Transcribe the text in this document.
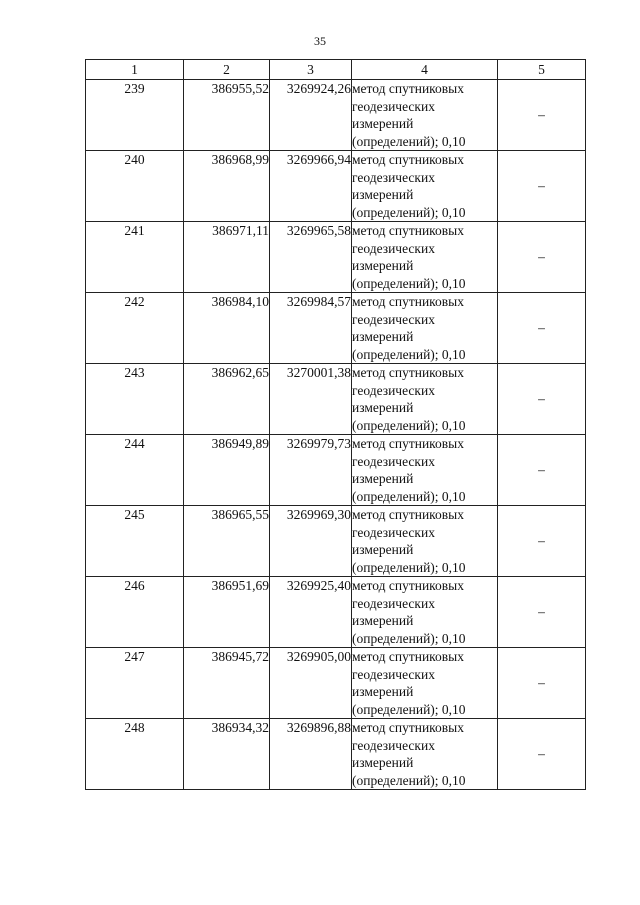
35
1	2	3	4	5
239	386955,52	3269924,26	метод спутниковых
геодезических
измерений
(определений); 0,10	–
240	386968,99	3269966,94	метод спутниковых
геодезических
измерений
(определений); 0,10	–
241	386971,11	3269965,58	метод спутниковых
геодезических
измерений
(определений); 0,10	–
242	386984,10	3269984,57	метод спутниковых
геодезических
измерений
(определений); 0,10	–
243	386962,65	3270001,38	метод спутниковых
геодезических
измерений
(определений); 0,10	–
244	386949,89	3269979,73	метод спутниковых
геодезических
измерений
(определений); 0,10	–
245	386965,55	3269969,30	метод спутниковых
геодезических
измерений
(определений); 0,10	–
246	386951,69	3269925,40	метод спутниковых
геодезических
измерений
(определений); 0,10	–
247	386945,72	3269905,00	метод спутниковых
геодезических
измерений
(определений); 0,10	–
248	386934,32	3269896,88	метод спутниковых
геодезических
измерений
(определений); 0,10	–
